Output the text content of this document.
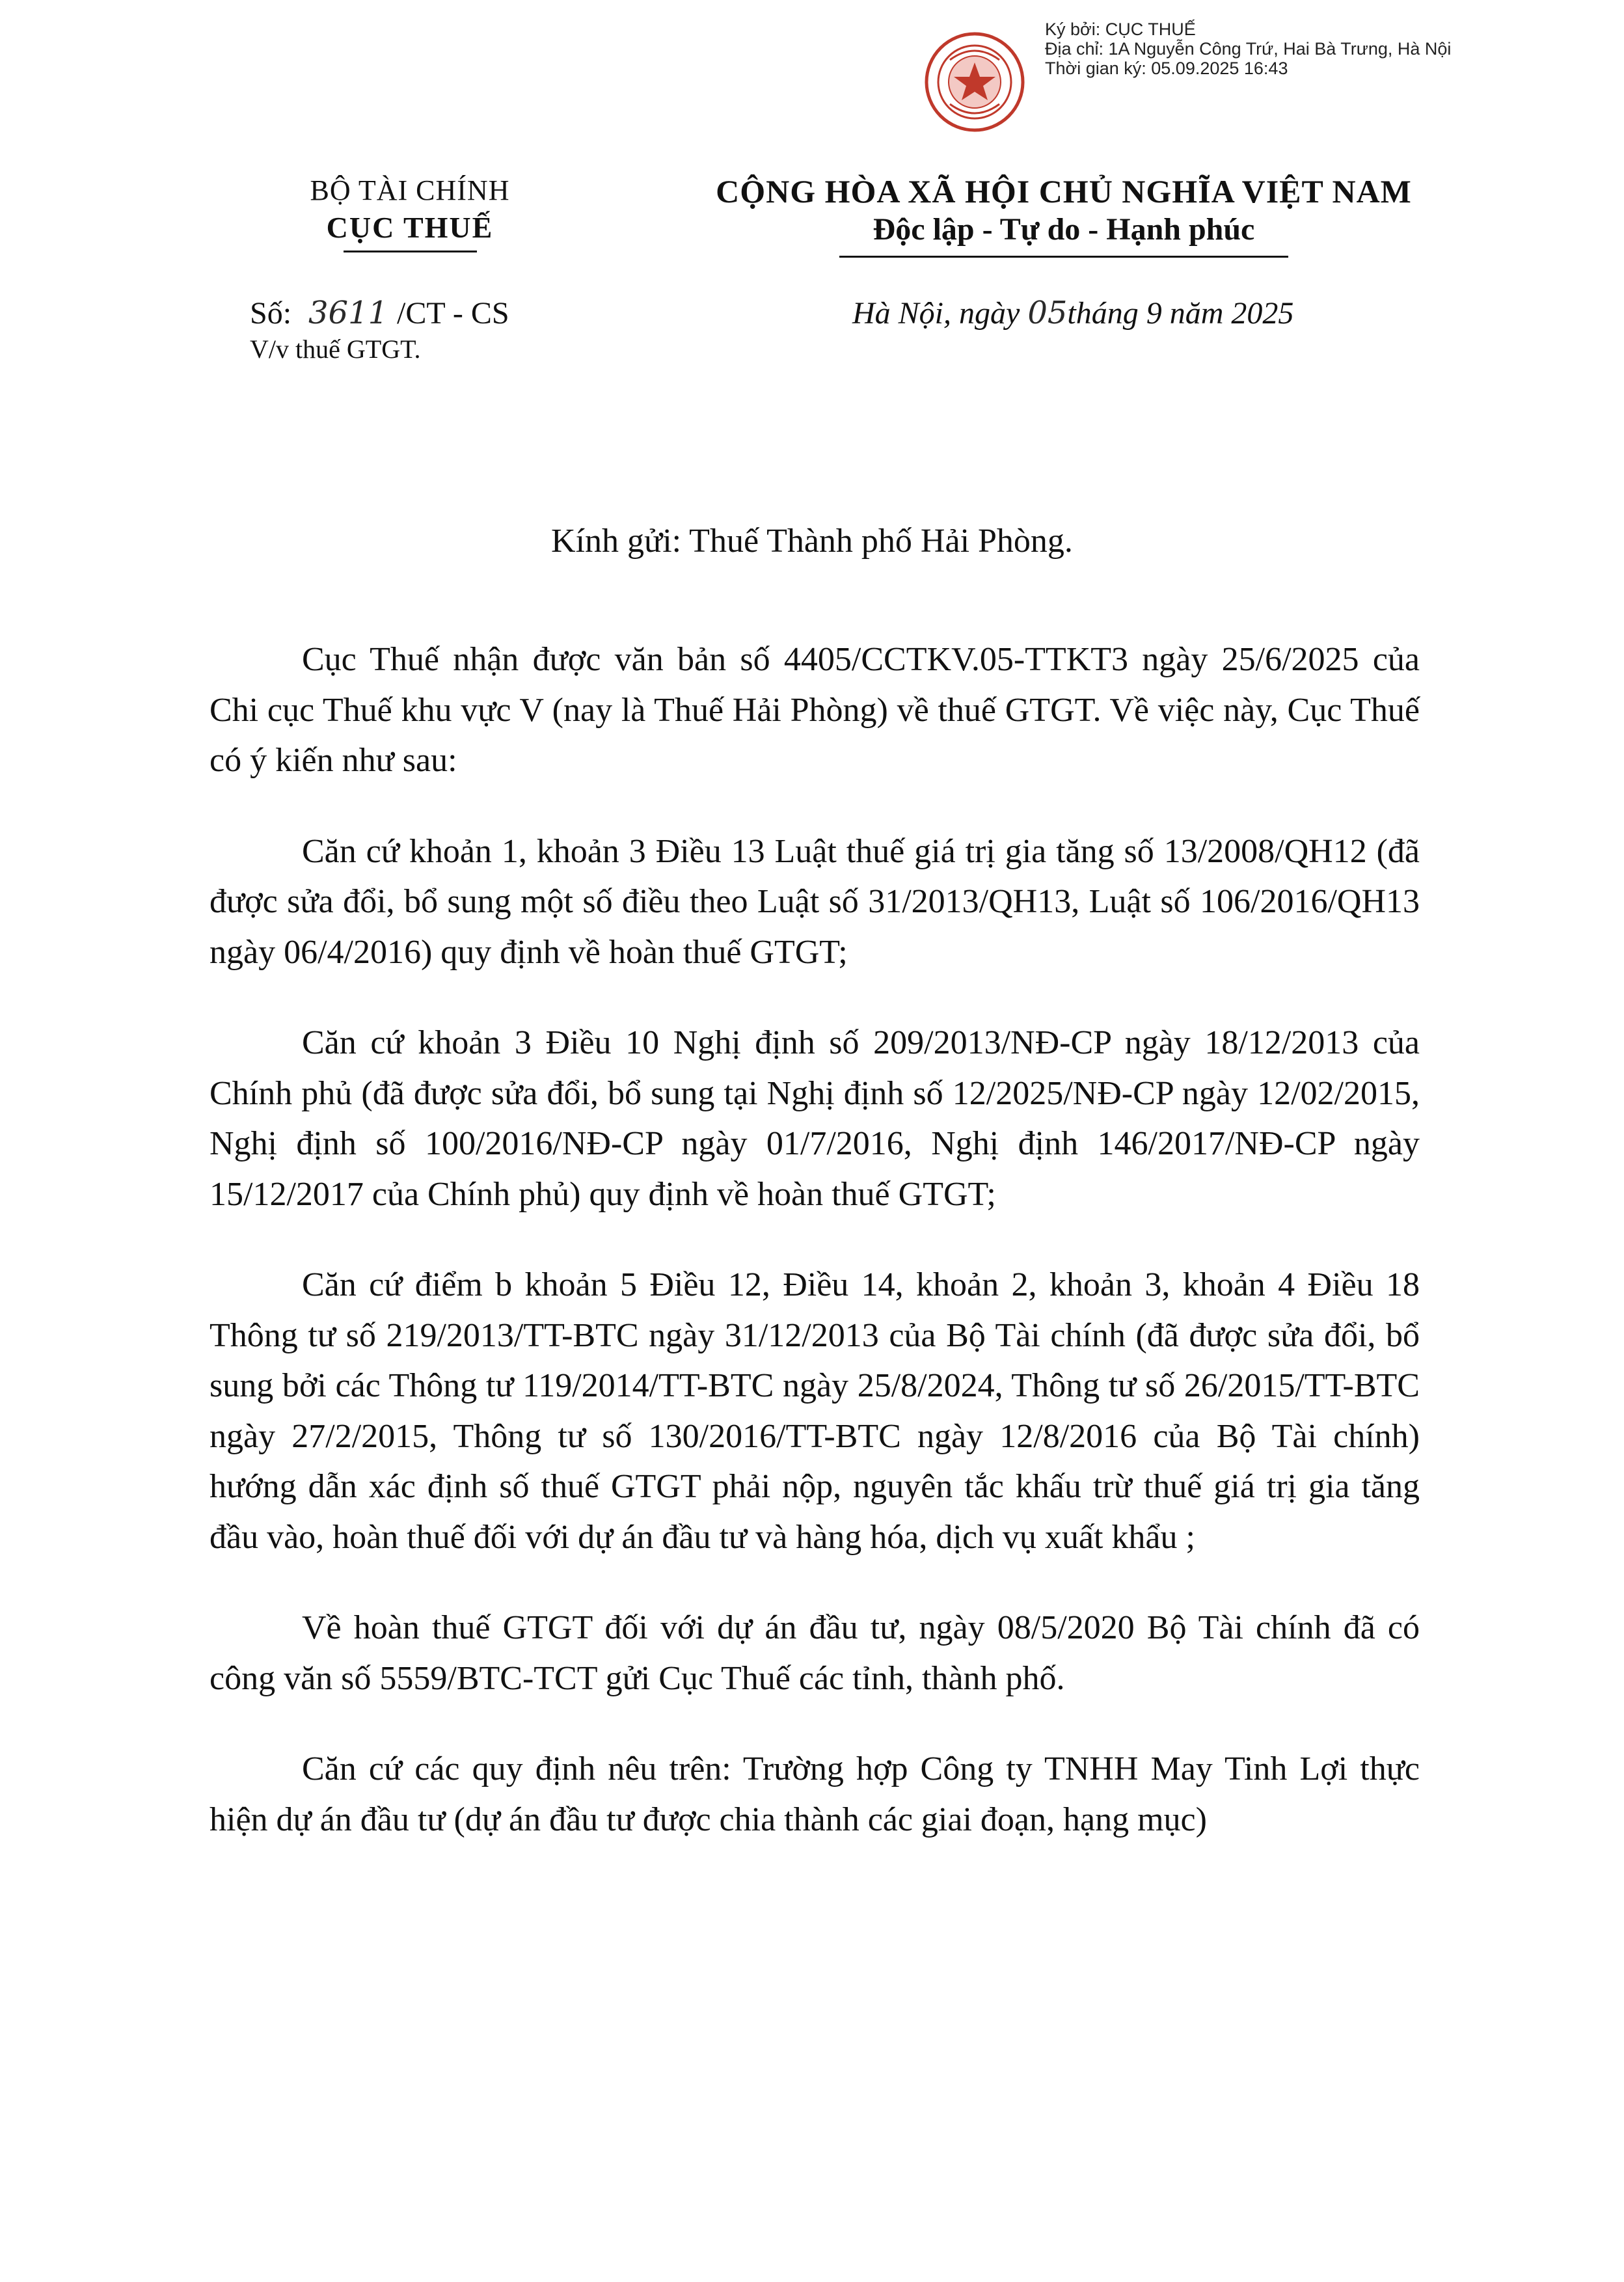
Ký bởi: CỤC THUẾ
Địa chỉ: 1A Nguyễn Công Trứ, Hai Bà Trưng, Hà Nội
Thời gian ký: 05.09.2025 16:43
BỘ TÀI CHÍNH
CỤC THUẾ
CỘNG HÒA XÃ HỘI CHỦ NGHĨA VIỆT NAM
Độc lập - Tự do - Hạnh phúc
Số: 3611 /CT - CS
V/v thuế GTGT.
Hà Nội, ngày 05tháng 9 năm 2025
Kính gửi: Thuế Thành phố Hải Phòng.

Cục Thuế nhận được văn bản số 4405/CCTKV.05-TTKT3 ngày 25/6/2025 của Chi cục Thuế khu vực V (nay là Thuế Hải Phòng) về thuế GTGT. Về việc này, Cục Thuế có ý kiến như sau:

Căn cứ khoản 1, khoản 3 Điều 13 Luật thuế giá trị gia tăng số 13/2008/QH12 (đã được sửa đổi, bổ sung một số điều theo Luật số 31/2013/QH13, Luật số 106/2016/QH13 ngày 06/4/2016) quy định về hoàn thuế GTGT;

Căn cứ khoản 3 Điều 10 Nghị định số 209/2013/NĐ-CP ngày 18/12/2013 của Chính phủ (đã được sửa đổi, bổ sung tại Nghị định số 12/2025/NĐ-CP ngày 12/02/2015, Nghị định số 100/2016/NĐ-CP ngày 01/7/2016, Nghị định 146/2017/NĐ-CP ngày 15/12/2017 của Chính phủ) quy định về hoàn thuế GTGT;

Căn cứ điểm b khoản 5 Điều 12, Điều 14, khoản 2, khoản 3, khoản 4 Điều 18 Thông tư số 219/2013/TT-BTC ngày 31/12/2013 của Bộ Tài chính (đã được sửa đổi, bổ sung bởi các Thông tư 119/2014/TT-BTC ngày 25/8/2024, Thông tư số 26/2015/TT-BTC ngày 27/2/2015, Thông tư số 130/2016/TT-BTC ngày 12/8/2016 của Bộ Tài chính) hướng dẫn xác định số thuế GTGT phải nộp, nguyên tắc khấu trừ thuế giá trị gia tăng đầu vào, hoàn thuế đối với dự án đầu tư và hàng hóa, dịch vụ xuất khẩu ;

Về hoàn thuế GTGT đối với dự án đầu tư, ngày 08/5/2020 Bộ Tài chính đã có công văn số 5559/BTC-TCT gửi Cục Thuế các tỉnh, thành phố.

Căn cứ các quy định nêu trên: Trường hợp Công ty TNHH May Tinh Lợi thực hiện dự án đầu tư (dự án đầu tư được chia thành các giai đoạn, hạng mục)
